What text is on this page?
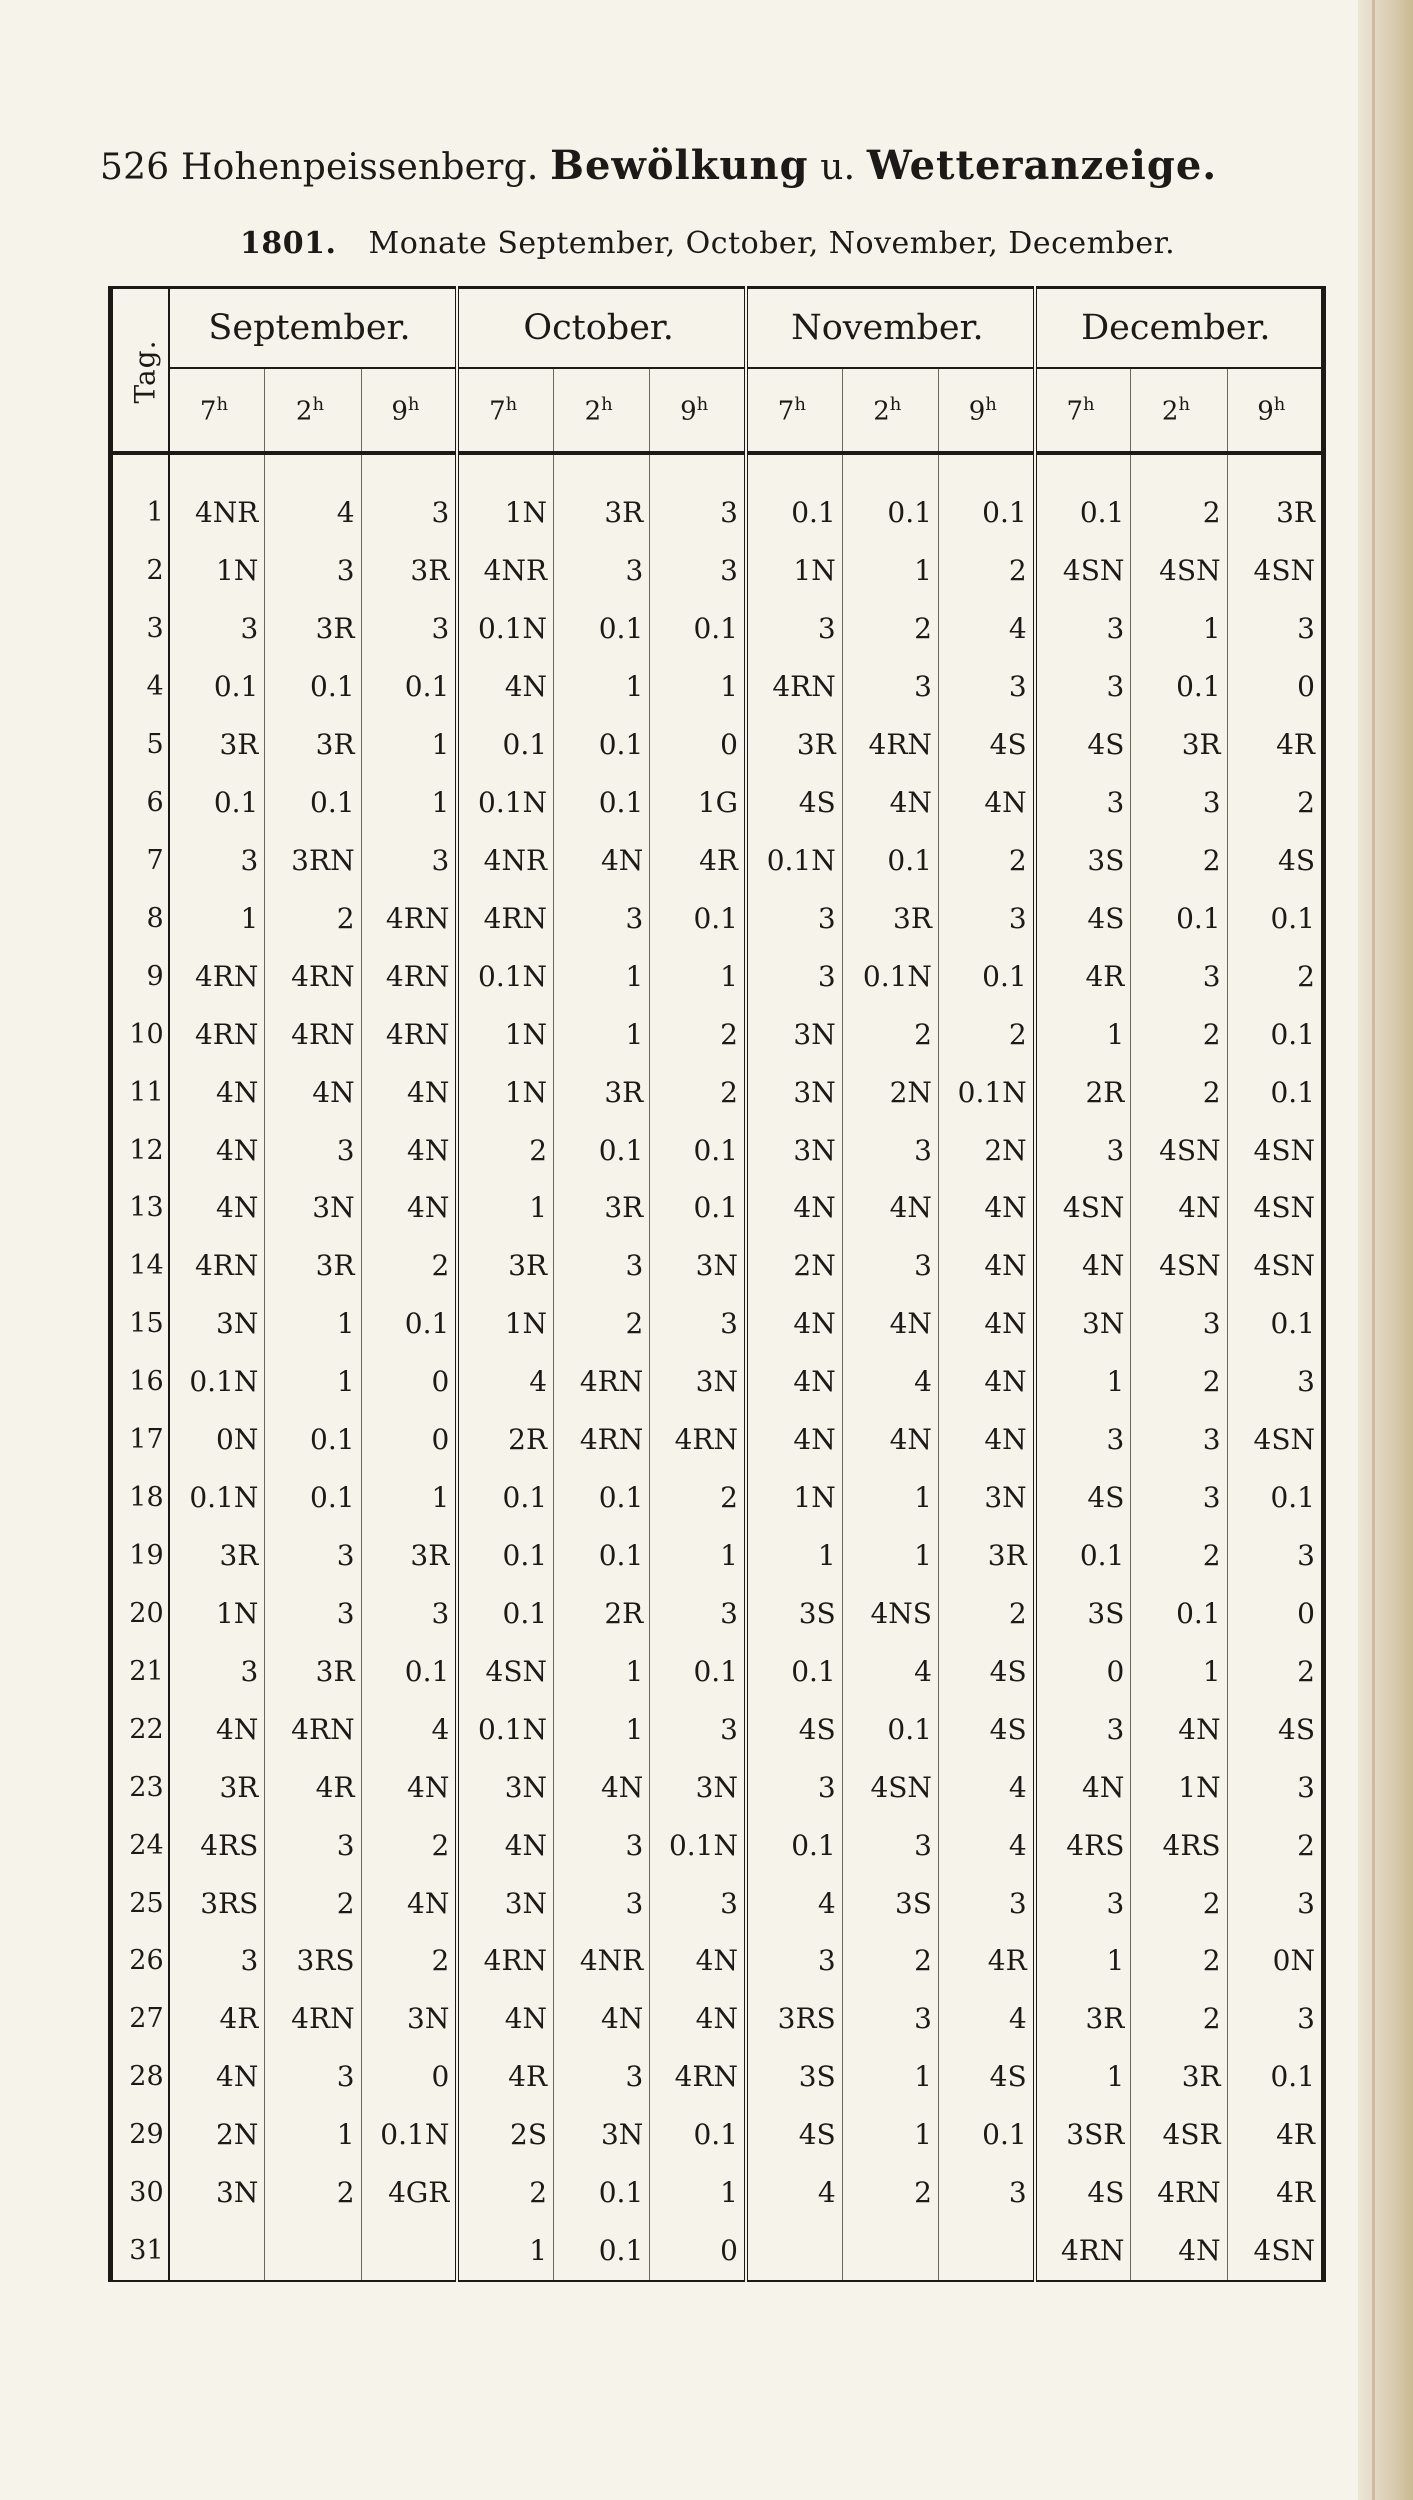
526 Hohenpeissenberg. Bewölkung u. Wetteranzeige.
1801. Monate September, October, November, December.
Tag.	September.			October.			November.			December.		
	7$^h$	2$^h$	9$^h$	7$^h$	2$^h$	9$^h$	7$^h$	2$^h$	9$^h$	7$^h$	2$^h$	9$^h$
1	4NR	4	3	1N	3R	3	0.1	0.1	0.1	0.1	2	3R
2	1N	3	3R	4NR	3	3	1N	1	2	4SN	4SN	4SN
3	3	3R	3	0.1N	0.1	0.1	3	2	4	3	1	3
4	0.1	0.1	0.1	4N	1	1	4RN	3	3	3	0.1	0
5	3R	3R	1	0.1	0.1	0	3R	4RN	4S	4S	3R	4R
6	0.1	0.1	1	0.1N	0.1	1G	4S	4N	4N	3	3	2
7	3	3RN	3	4NR	4N	4R	0.1N	0.1	2	3S	2	4S
8	1	2	4RN	4RN	3	0.1	3	3R	3	4S	0.1	0.1
9	4RN	4RN	4RN	0.1N	1	1	3	0.1N	0.1	4R	3	2
10	4RN	4RN	4RN	1N	1	2	3N	2	2	1	2	0.1
11	4N	4N	4N	1N	3R	2	3N	2N	0.1N	2R	2	0.1
12	4N	3	4N	2	0.1	0.1	3N	3	2N	3	4SN	4SN
13	4N	3N	4N	1	3R	0.1	4N	4N	4N	4SN	4N	4SN
14	4RN	3R	2	3R	3	3N	2N	3	4N	4N	4SN	4SN
15	3N	1	0.1	1N	2	3	4N	4N	4N	3N	3	0.1
16	0.1N	1	0	4	4RN	3N	4N	4	4N	1	2	3
17	0N	0.1	0	2R	4RN	4RN	4N	4N	4N	3	3	4SN
18	0.1N	0.1	1	0.1	0.1	2	1N	1	3N	4S	3	0.1
19	3R	3	3R	0.1	0.1	1	1	1	3R	0.1	2	3
20	1N	3	3	0.1	2R	3	3S	4NS	2	3S	0.1	0
21	3	3R	0.1	4SN	1	0.1	0.1	4	4S	0	1	2
22	4N	4RN	4	0.1N	1	3	4S	0.1	4S	3	4N	4S
23	3R	4R	4N	3N	4N	3N	3	4SN	4	4N	1N	3
24	4RS	3	2	4N	3	0.1N	0.1	3	4	4RS	4RS	2
25	3RS	2	4N	3N	3	3	4	3S	3	3	2	3
26	3	3RS	2	4RN	4NR	4N	3	2	4R	1	2	0N
27	4R	4RN	3N	4N	4N	4N	3RS	3	4	3R	2	3
28	4N	3	0	4R	3	4RN	3S	1	4S	1	3R	0.1
29	2N	1	0.1N	2S	3N	0.1	4S	1	0.1	3SR	4SR	4R
30	3N	2	4GR	2	0.1	1	4	2	3	4S	4RN	4R
31				1	0.1	0				4RN	4N	4SN
